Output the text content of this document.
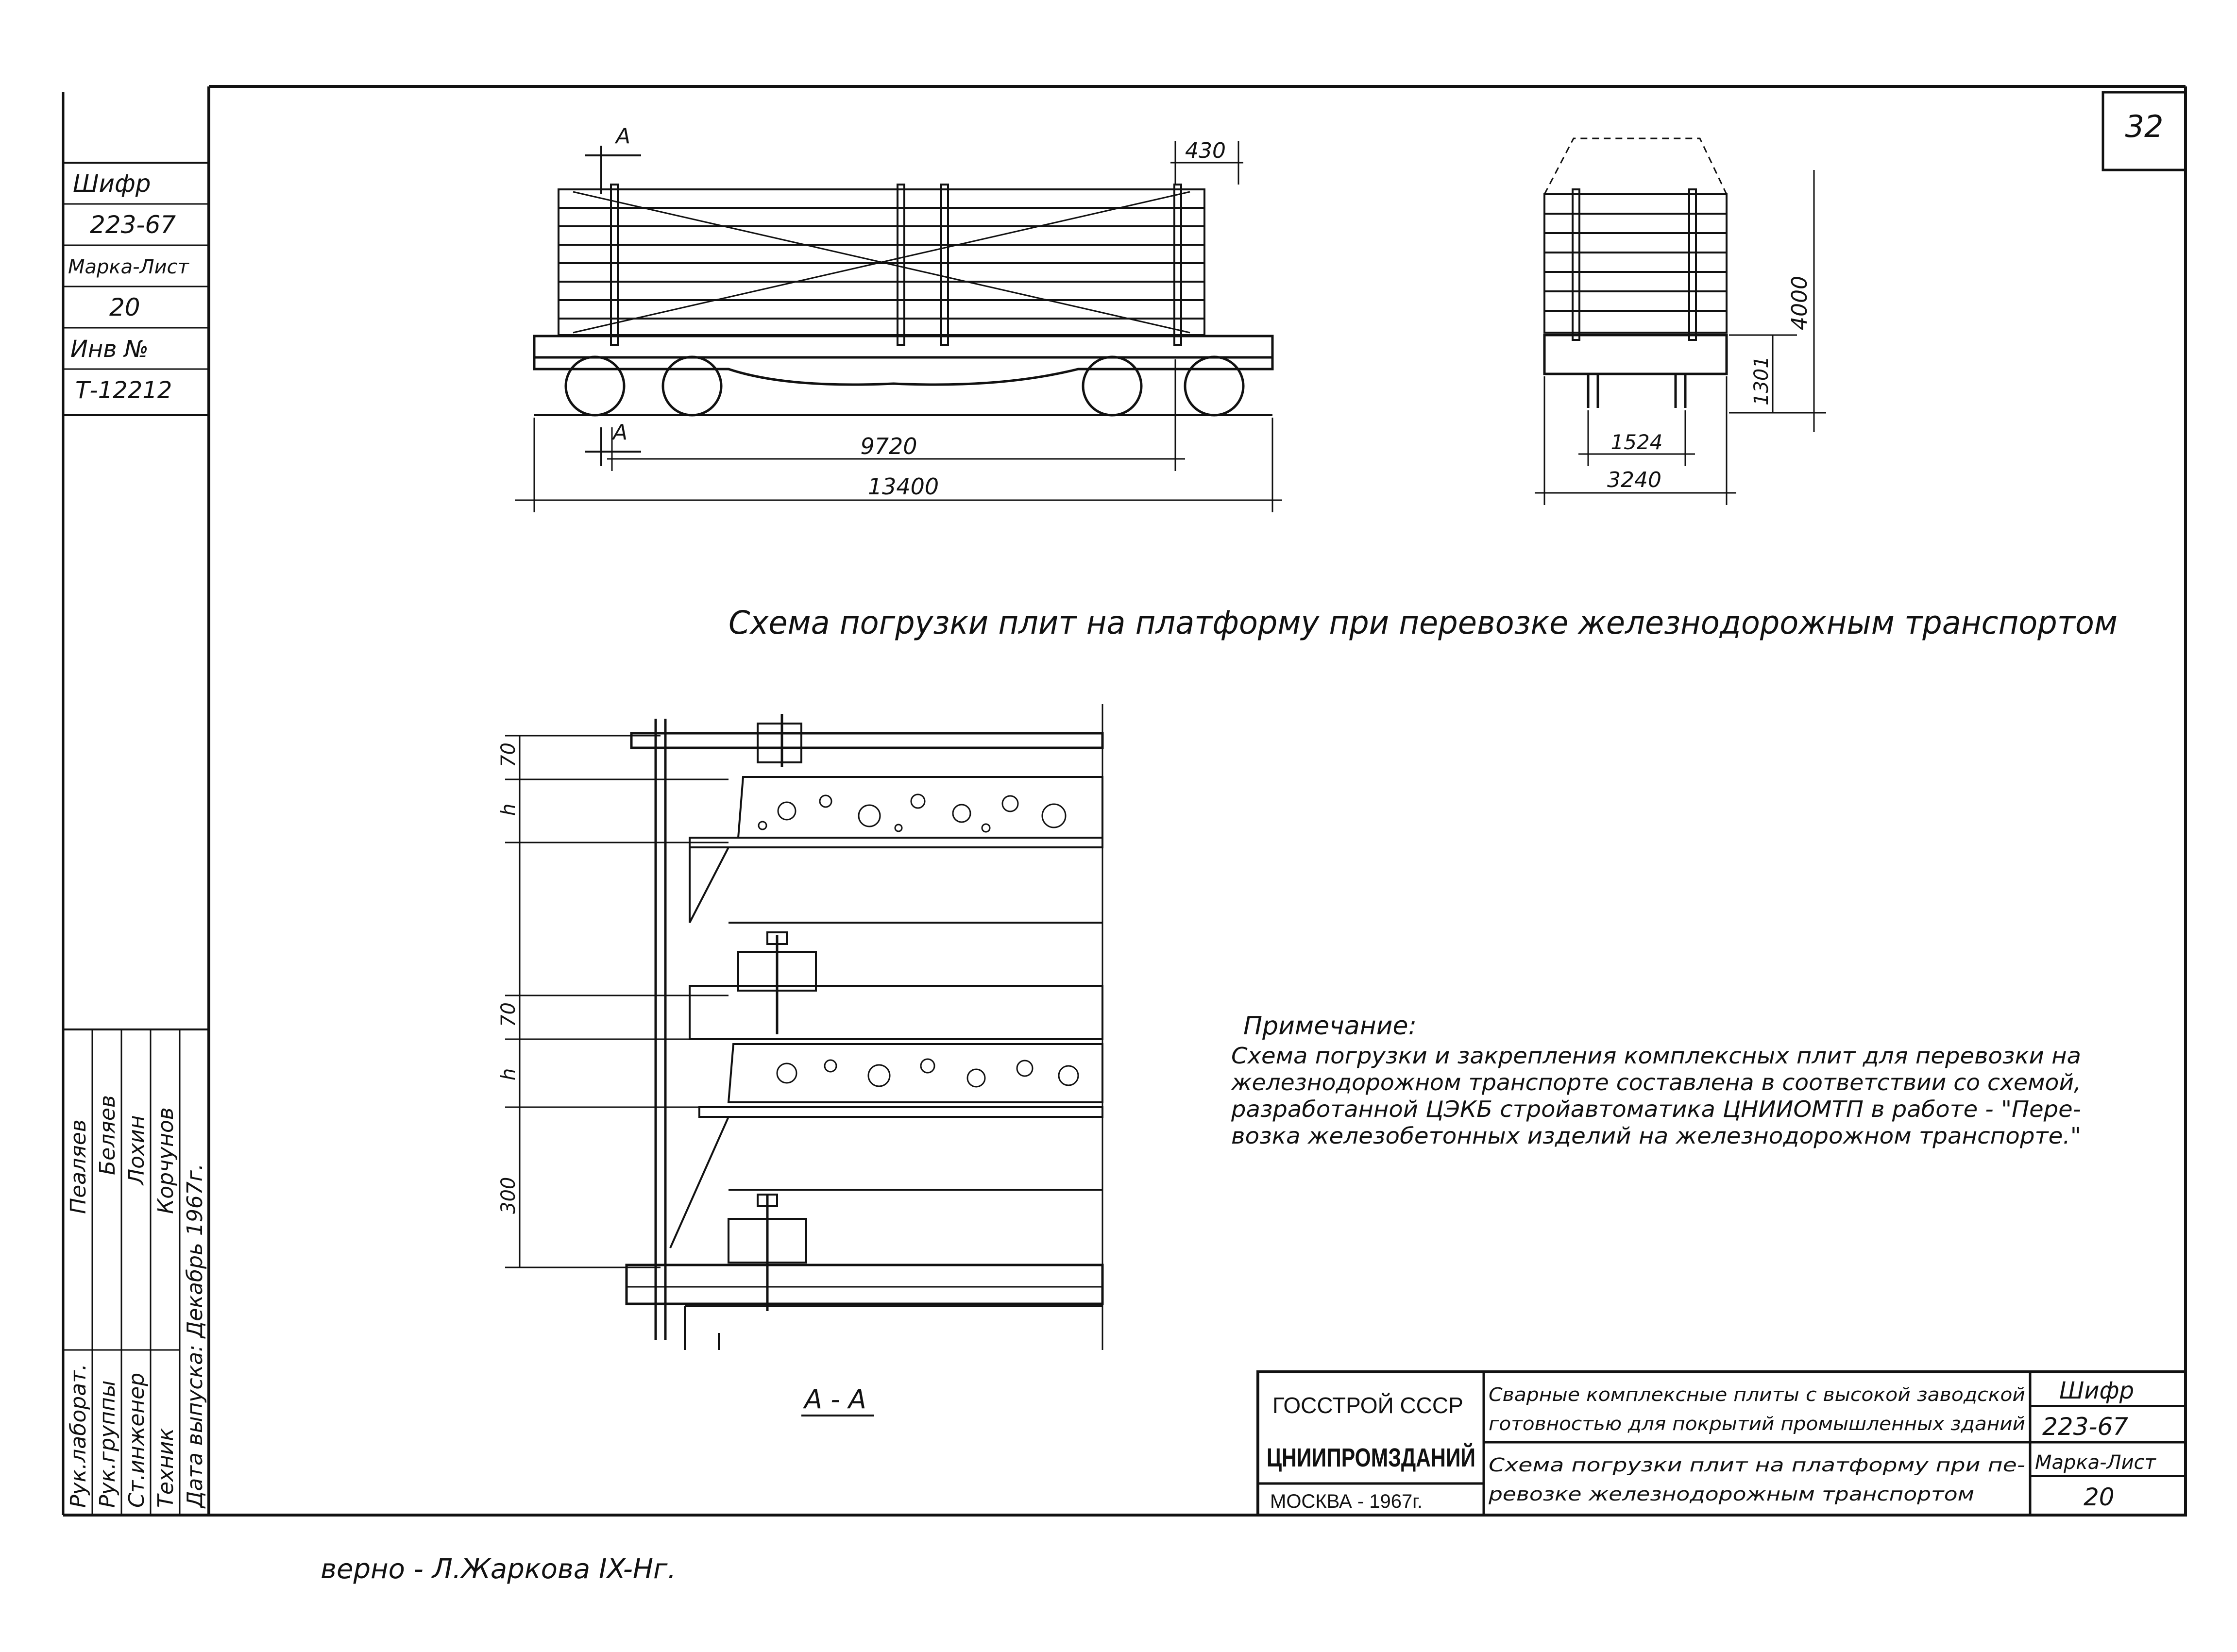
32
Шифр
223-67
Марка-Лист
20
Инв №
Т-12212
Рук.лаборат. Рук.группы Ст.инженер Техник Дата выпуска: Декабрь 1967г.
Пеаляев Беляев Лохин Корчунов
А
А
430
9720
13400
4000
1301
1524
3240
Схема погрузки плит на платформу при перевозке железнодорожным транспортом
70
h
70
h
300
А - А
Примечание:
Схема погрузки и закрепления комплексных плит для перевозки на
железнодорожном транспорте составлена в соответствии со схемой,
разработанной ЦЭКБ стройавтоматика ЦНИИОМТП в работе - "Пере-
возка железобетонных изделий на железнодорожном транспорте."
ГОССТРОЙ СССР
ЦНИИПРОМЗДАНИЙ
МОСКВА - 1967г.
Сварные комплексные плиты с высокой заводской
готовностью для покрытий промышленных зданий
Схема погрузки плит на платформу при пе-
ревозке железнодорожным транспортом
Шифр
223-67
Марка-Лист
20
верно - Л.Жаркова IX-Hг.
